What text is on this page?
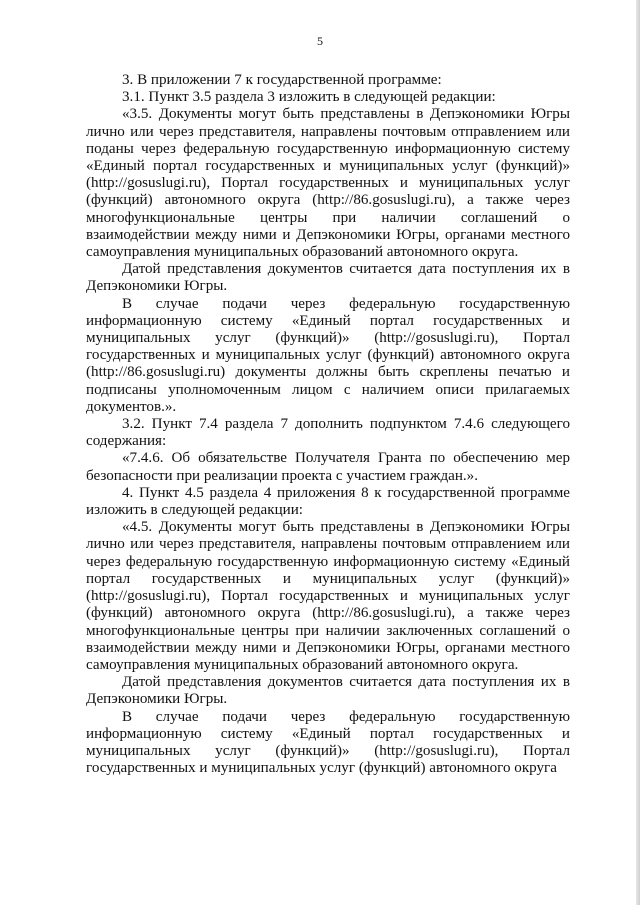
5

3. В приложении 7 к государственной программе:

3.1. Пункт 3.5 раздела 3 изложить в следующей редакции:

«3.5. Документы могут быть представлены в Депэкономики Югры лично или через представителя, направлены почтовым отправлением или поданы через федеральную государственную информационную систему «Единый портал государственных и муниципальных услуг (функций)» (http://gosuslugi.ru), Портал государственных и муниципальных услуг (функций) автономного округа (http://86.gosuslugi.ru), а также через многофункциональные центры при наличии соглашений о взаимодействии между ними и Депэкономики Югры, органами местного самоуправления муниципальных образований автономного округа.

Датой представления документов считается дата поступления их в Депэкономики Югры.

В случае подачи через федеральную государственную информационную систему «Единый портал государственных и муниципальных услуг (функций)» (http://gosuslugi.ru), Портал государственных и муниципальных услуг (функций) автономного округа (http://86.gosuslugi.ru) документы должны быть скреплены печатью и подписаны уполномоченным лицом с наличием описи прилагаемых документов.».

3.2. Пункт 7.4 раздела 7 дополнить подпунктом 7.4.6 следующего содержания:

«7.4.6. Об обязательстве Получателя Гранта по обеспечению мер безопасности при реализации проекта с участием граждан.».

4. Пункт 4.5 раздела 4 приложения 8 к государственной программе изложить в следующей редакции:

«4.5. Документы могут быть представлены в Депэкономики Югры лично или через представителя, направлены почтовым отправлением или через федеральную государственную информационную систему «Единый портал государственных и муниципальных услуг (функций)» (http://gosuslugi.ru), Портал государственных и муниципальных услуг (функций) автономного округа (http://86.gosuslugi.ru), а также через многофункциональные центры при наличии заключенных соглашений о взаимодействии между ними и Депэкономики Югры, органами местного самоуправления муниципальных образований автономного округа.

Датой представления документов считается дата поступления их в Депэкономики Югры.

В случае подачи через федеральную государственную информационную систему «Единый портал государственных и муниципальных услуг (функций)» (http://gosuslugi.ru), Портал государственных и муниципальных услуг (функций) автономного округа
